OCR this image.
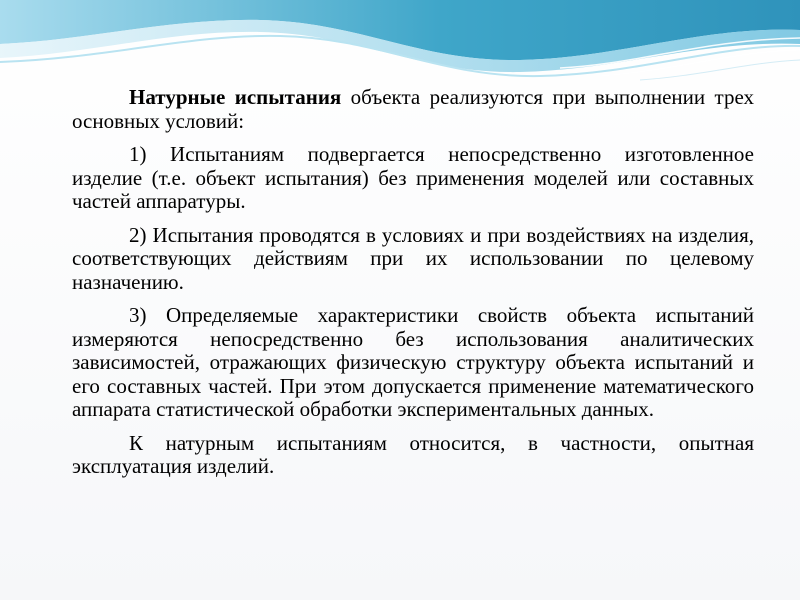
Натурные испытания объекта реализуются при выполнении трех основных условий:

1) Испытаниям подвергается непосредственно изготовленное изделие (т.е. объект испытания) без применения моделей или составных частей аппаратуры.

2) Испытания проводятся в условиях и при воздействиях на изделия, соответствующих действиям при их использовании по целевому назначению.

3) Определяемые характеристики свойств объекта испытаний измеряются непосредственно без использования аналитических зависимостей, отражающих физическую структуру объекта испытаний и его составных частей. При этом допускается применение математического аппарата статистической обработки экспериментальных данных.

К натурным испытаниям относится, в частности, опытная эксплуатация изделий.
